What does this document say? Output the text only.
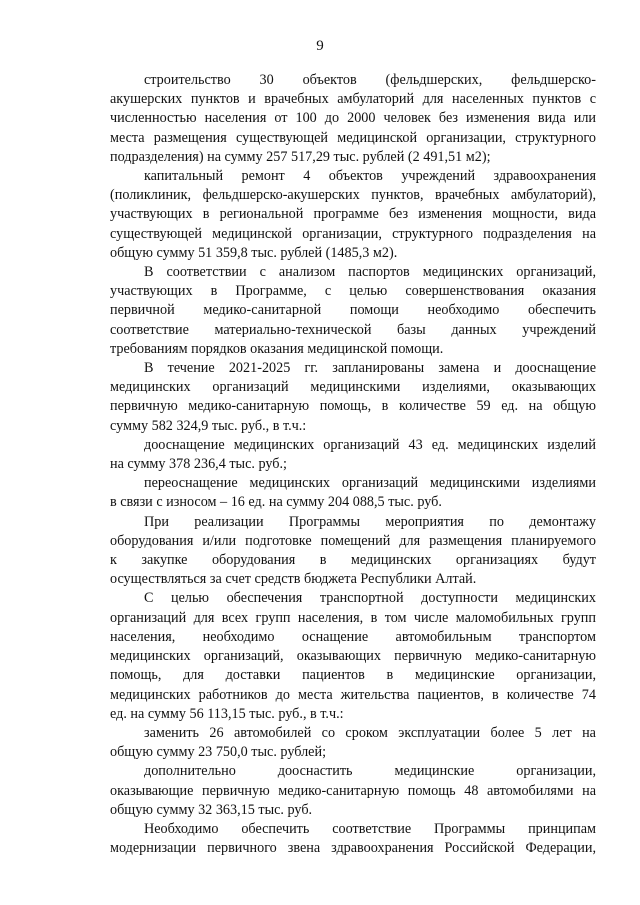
9

строительство 30 объектов (фельдшерских, фельдшерско-
акушерских пунктов и врачебных амбулаторий для населенных пунктов с
численностью населения от 100 до 2000 человек без изменения вида или
места размещения существующей медицинской организации, структурного
подразделения) на сумму 257 517,29 тыс. рублей (2 491,51 м2);

капитальный ремонт 4 объектов учреждений здравоохранения
(поликлиник, фельдшерско-акушерских пунктов, врачебных амбулаторий),
участвующих в региональной программе без изменения мощности, вида
существующей медицинской организации, структурного подразделения на
общую сумму 51 359,8 тыс. рублей (1485,3 м2).

В соответствии с анализом паспортов медицинских организаций,
участвующих в Программе, с целью совершенствования оказания
первичной медико-санитарной помощи необходимо обеспечить
соответствие материально-технической базы данных учреждений
требованиям порядков оказания медицинской помощи.

В течение 2021-2025 гг. запланированы замена и дооснащение
медицинских организаций медицинскими изделиями, оказывающих
первичную медико-санитарную помощь, в количестве 59 ед. на общую
сумму 582 324,9 тыс. руб., в т.ч.:

дооснащение медицинских организаций 43 ед. медицинских изделий
на сумму 378 236,4 тыс. руб.;

переоснащение медицинских организаций медицинскими изделиями
в связи с износом – 16 ед. на сумму 204 088,5 тыс. руб.

При реализации Программы мероприятия по демонтажу
оборудования и/или подготовке помещений для размещения планируемого
к закупке оборудования в медицинских организациях будут
осуществляться за счет средств бюджета Республики Алтай.

С целью обеспечения транспортной доступности медицинских
организаций для всех групп населения, в том числе маломобильных групп
населения, необходимо оснащение автомобильным транспортом
медицинских организаций, оказывающих первичную медико-санитарную
помощь, для доставки пациентов в медицинские организации,
медицинских работников до места жительства пациентов, в количестве 74
ед. на сумму 56 113,15 тыс. руб., в т.ч.:

заменить 26 автомобилей со сроком эксплуатации более 5 лет на
общую сумму 23 750,0 тыс. рублей;

дополнительно дооснастить медицинские организации,
оказывающие первичную медико-санитарную помощь 48 автомобилями на
общую сумму 32 363,15 тыс. руб.

Необходимо обеспечить соответствие Программы принципам
модернизации первичного звена здравоохранения Российской Федерации,
